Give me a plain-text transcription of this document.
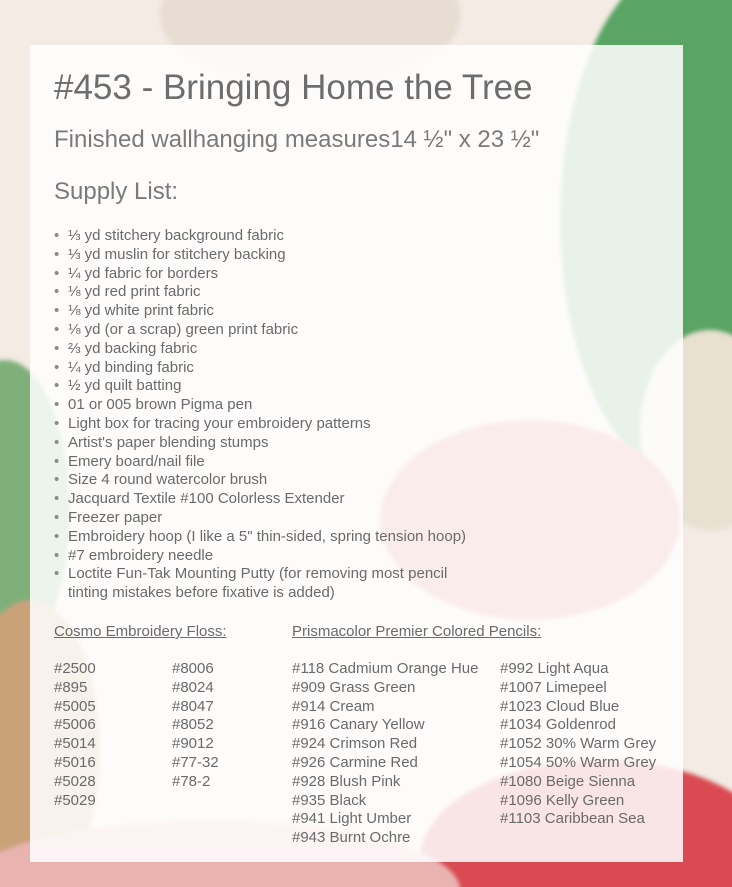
#453 - Bringing Home the Tree
Finished wallhanging measures14 ½" x 23 ½"
Supply List:
• ⅓ yd stitchery background fabric
• ⅓ yd muslin for stitchery backing
• ¼ yd fabric for borders
• ⅛ yd red print fabric
• ⅛ yd white print fabric
• ⅛ yd (or a scrap) green print fabric
• ⅔ yd backing fabric
• ¼ yd binding fabric
• ½ yd quilt batting
• 01 or 005 brown Pigma pen
• Light box for tracing your embroidery patterns
• Artist's paper blending stumps
• Emery board/nail file
• Size 4 round watercolor brush
• Jacquard Textile #100 Colorless Extender
• Freezer paper
• Embroidery hoop (I like a 5" thin-sided, spring tension hoop)
• #7 embroidery needle
• Loctite Fun-Tak Mounting Putty (for removing most pencil tinting mistakes before fixative is added)
Cosmo Embroidery Floss:	Prismacolor Premier Colored Pencils:
#2500
#895
#5005
#5006
#5014
#5016
#5028
#5029
#8006
#8024
#8047
#8052
#9012
#77-32
#78-2
#118 Cadmium Orange Hue
#909 Grass Green
#914 Cream
#916 Canary Yellow
#924 Crimson Red
#926 Carmine Red
#928 Blush Pink
#935 Black
#941 Light Umber
#943 Burnt Ochre
#992 Light Aqua
#1007 Limepeel
#1023 Cloud Blue
#1034 Goldenrod
#1052 30% Warm Grey
#1054 50% Warm Grey
#1080 Beige Sienna
#1096 Kelly Green
#1103 Caribbean Sea
